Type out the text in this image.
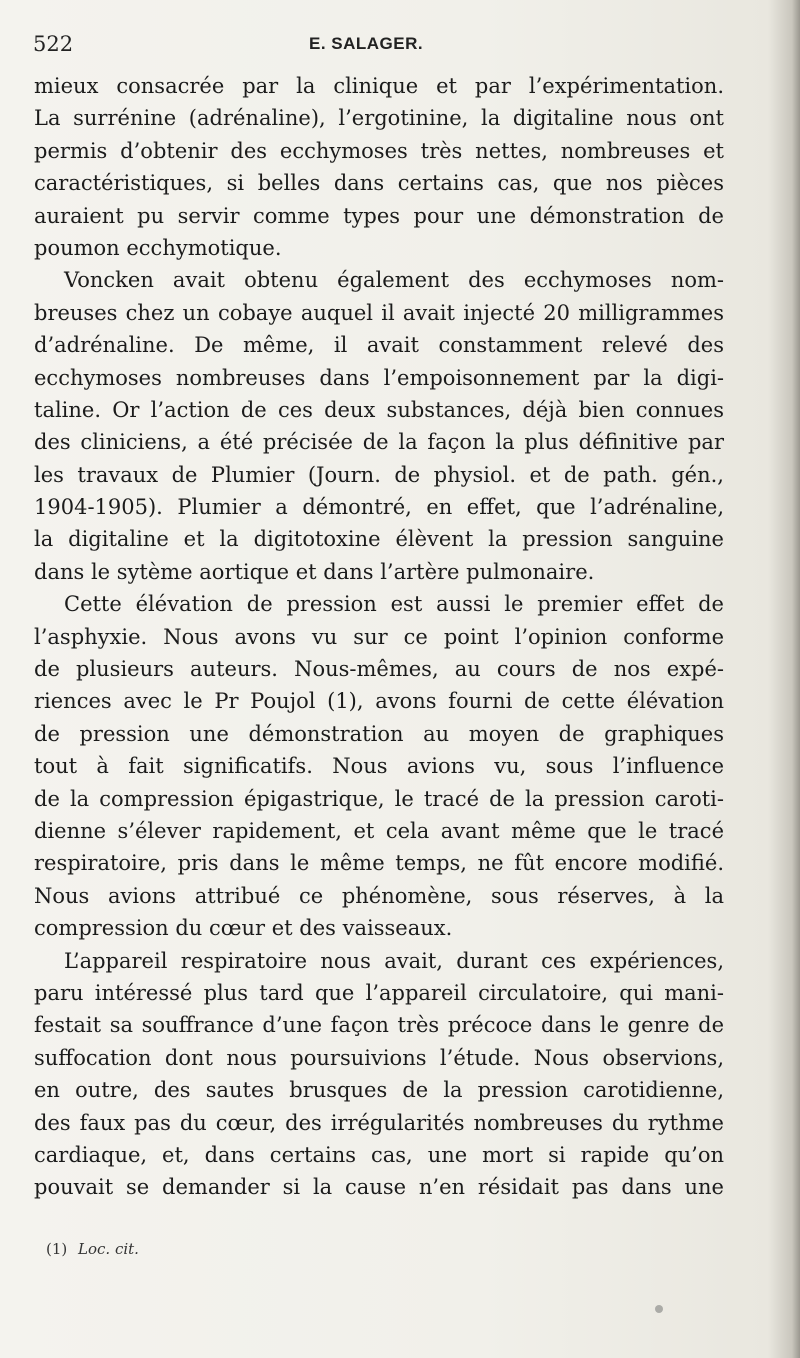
522	E. SALAGER.
mieux consacrée par la clinique et par l’expérimentation.
La surrénine (adrénaline), l’ergotinine, la digitaline nous ont
permis d’obtenir des ecchymoses très nettes, nombreuses et
caractéristiques, si belles dans certains cas, que nos pièces
auraient pu servir comme types pour une démonstration de
poumon ecchymotique.
Voncken avait obtenu également des ecchymoses nom-
breuses chez un cobaye auquel il avait injecté 20 milligrammes
d’adrénaline. De même, il avait constamment relevé des
ecchymoses nombreuses dans l’empoisonnement par la digi-
taline. Or l’action de ces deux substances, déjà bien connues
des cliniciens, a été précisée de la façon la plus définitive par
les travaux de Plumier (Journ. de physiol. et de path. gén.,
1904-1905). Plumier a démontré, en effet, que l’adrénaline,
la digitaline et la digitotoxine élèvent la pression sanguine
dans le sytème aortique et dans l’artère pulmonaire.
Cette élévation de pression est aussi le premier effet de
l’asphyxie. Nous avons vu sur ce point l’opinion conforme
de plusieurs auteurs. Nous-mêmes, au cours de nos expé-
riences avec le Pr Poujol (1), avons fourni de cette élévation
de pression une démonstration au moyen de graphiques
tout à fait significatifs. Nous avions vu, sous l’influence
de la compression épigastrique, le tracé de la pression caroti-
dienne s’élever rapidement, et cela avant même que le tracé
respiratoire, pris dans le même temps, ne fût encore modifié.
Nous avions attribué ce phénomène, sous réserves, à la
compression du cœur et des vaisseaux.
L’appareil respiratoire nous avait, durant ces expériences,
paru intéressé plus tard que l’appareil circulatoire, qui mani-
festait sa souffrance d’une façon très précoce dans le genre de
suffocation dont nous poursuivions l’étude. Nous observions,
en outre, des sautes brusques de la pression carotidienne,
des faux pas du cœur, des irrégularités nombreuses du rythme
cardiaque, et, dans certains cas, une mort si rapide qu’on
pouvait se demander si la cause n’en résidait pas dans une
(1) Loc. cit.
